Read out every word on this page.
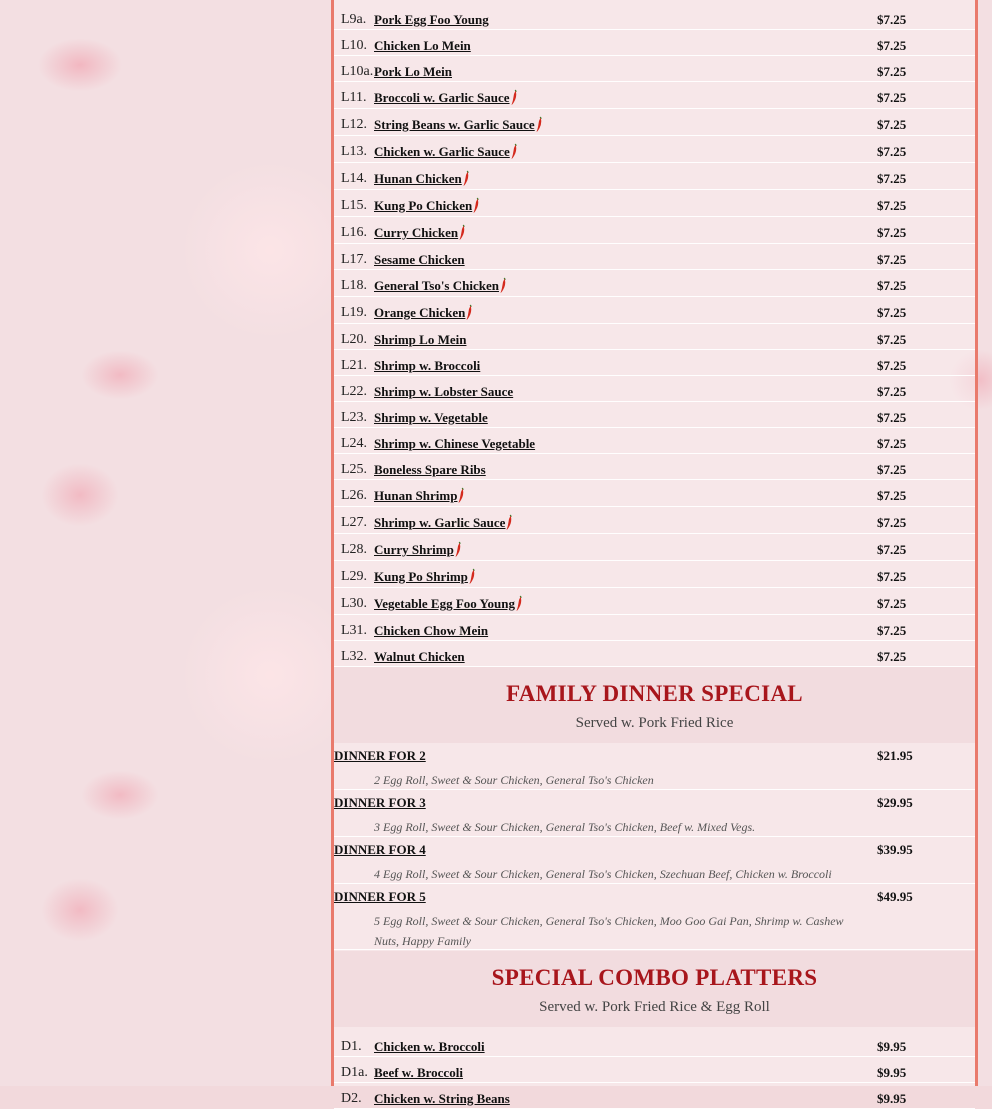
L9a. Pork Egg Foo Young	$7.25
L10. Chicken Lo Mein	$7.25
L10a. Pork Lo Mein	$7.25
L11. Broccoli w. Garlic Sauce	$7.25
L12. String Beans w. Garlic Sauce	$7.25
L13. Chicken w. Garlic Sauce	$7.25
L14. Hunan Chicken	$7.25
L15. Kung Po Chicken	$7.25
L16. Curry Chicken	$7.25
L17. Sesame Chicken	$7.25
L18. General Tso's Chicken	$7.25
L19. Orange Chicken	$7.25
L20. Shrimp Lo Mein	$7.25
L21. Shrimp w. Broccoli	$7.25
L22. Shrimp w. Lobster Sauce	$7.25
L23. Shrimp w. Vegetable	$7.25
L24. Shrimp w. Chinese Vegetable	$7.25
L25. Boneless Spare Ribs	$7.25
L26. Hunan Shrimp	$7.25
L27. Shrimp w. Garlic Sauce	$7.25
L28. Curry Shrimp	$7.25
L29. Kung Po Shrimp	$7.25
L30. Vegetable Egg Foo Young	$7.25
L31. Chicken Chow Mein	$7.25
L32. Walnut Chicken	$7.25
FAMILY DINNER SPECIAL
Served w. Pork Fried Rice
DINNER FOR 2	$21.95
2 Egg Roll, Sweet & Sour Chicken, General Tso's Chicken
DINNER FOR 3	$29.95
3 Egg Roll, Sweet & Sour Chicken, General Tso's Chicken, Beef w. Mixed Vegs.
DINNER FOR 4	$39.95
4 Egg Roll, Sweet & Sour Chicken, General Tso's Chicken, Szechuan Beef, Chicken w. Broccoli
DINNER FOR 5	$49.95
5 Egg Roll, Sweet & Sour Chicken, General Tso's Chicken, Moo Goo Gai Pan, Shrimp w. Cashew Nuts, Happy Family
SPECIAL COMBO PLATTERS
Served w. Pork Fried Rice & Egg Roll
D1. Chicken w. Broccoli	$9.95
D1a. Beef w. Broccoli	$9.95
D2. Chicken w. String Beans	$9.95
